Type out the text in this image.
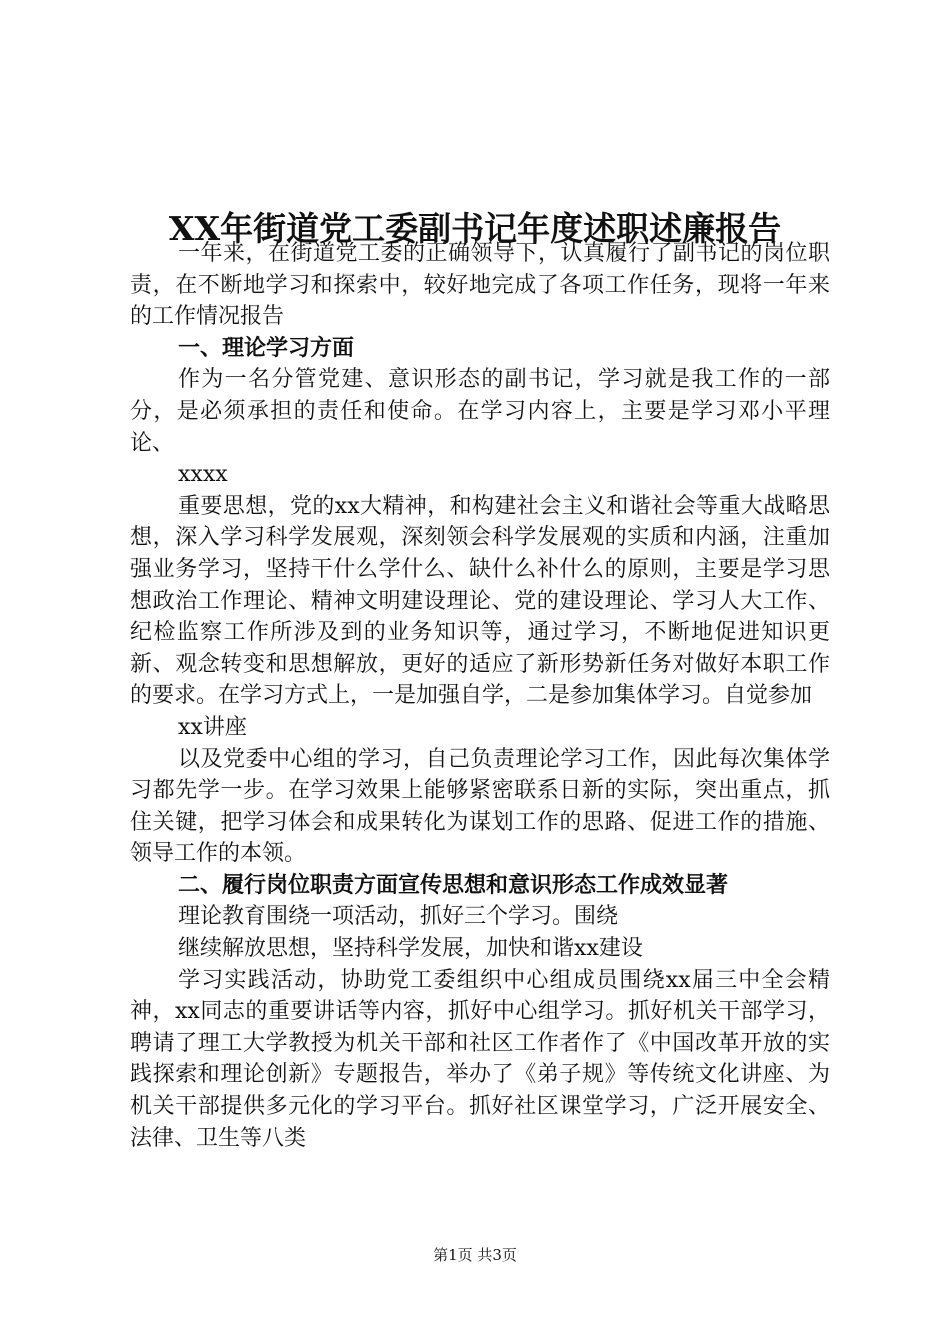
XX年街道党工委副书记年度述职述廉报告

一年来，在街道党工委的正确领导下，认真履行了副书记的岗位职责，在不断地学习和探索中，较好地完成了各项工作任务，现将一年来的工作情况报告

一、理论学习方面

作为一名分管党建、意识形态的副书记，学习就是我工作的一部分，是必须承担的责任和使命。在学习内容上，主要是学习邓小平理论、

xxxx

重要思想，党的xx大精神，和构建社会主义和谐社会等重大战略思想，深入学习科学发展观，深刻领会科学发展观的实质和内涵，注重加强业务学习，坚持干什么学什么、缺什么补什么的原则，主要是学习思想政治工作理论、精神文明建设理论、党的建设理论、学习人大工作、纪检监察工作所涉及到的业务知识等，通过学习，不断地促进知识更新、观念转变和思想解放，更好的适应了新形势新任务对做好本职工作的要求。在学习方式上，一是加强自学，二是参加集体学习。自觉参加

xx讲座

以及党委中心组的学习，自己负责理论学习工作，因此每次集体学习都先学一步。在学习效果上能够紧密联系日新的实际，突出重点，抓住关键，把学习体会和成果转化为谋划工作的思路、促进工作的措施、领导工作的本领。

二、履行岗位职责方面宣传思想和意识形态工作成效显著

理论教育围绕一项活动，抓好三个学习。围绕

继续解放思想，坚持科学发展，加快和谐xx建设

学习实践活动，协助党工委组织中心组成员围绕xx届三中全会精神，xx同志的重要讲话等内容，抓好中心组学习。抓好机关干部学习，聘请了理工大学教授为机关干部和社区工作者作了《中国改革开放的实践探索和理论创新》专题报告，举办了《弟子规》等传统文化讲座、为机关干部提供多元化的学习平台。抓好社区课堂学习，广泛开展安全、法律、卫生等八类

第1页 共3页
